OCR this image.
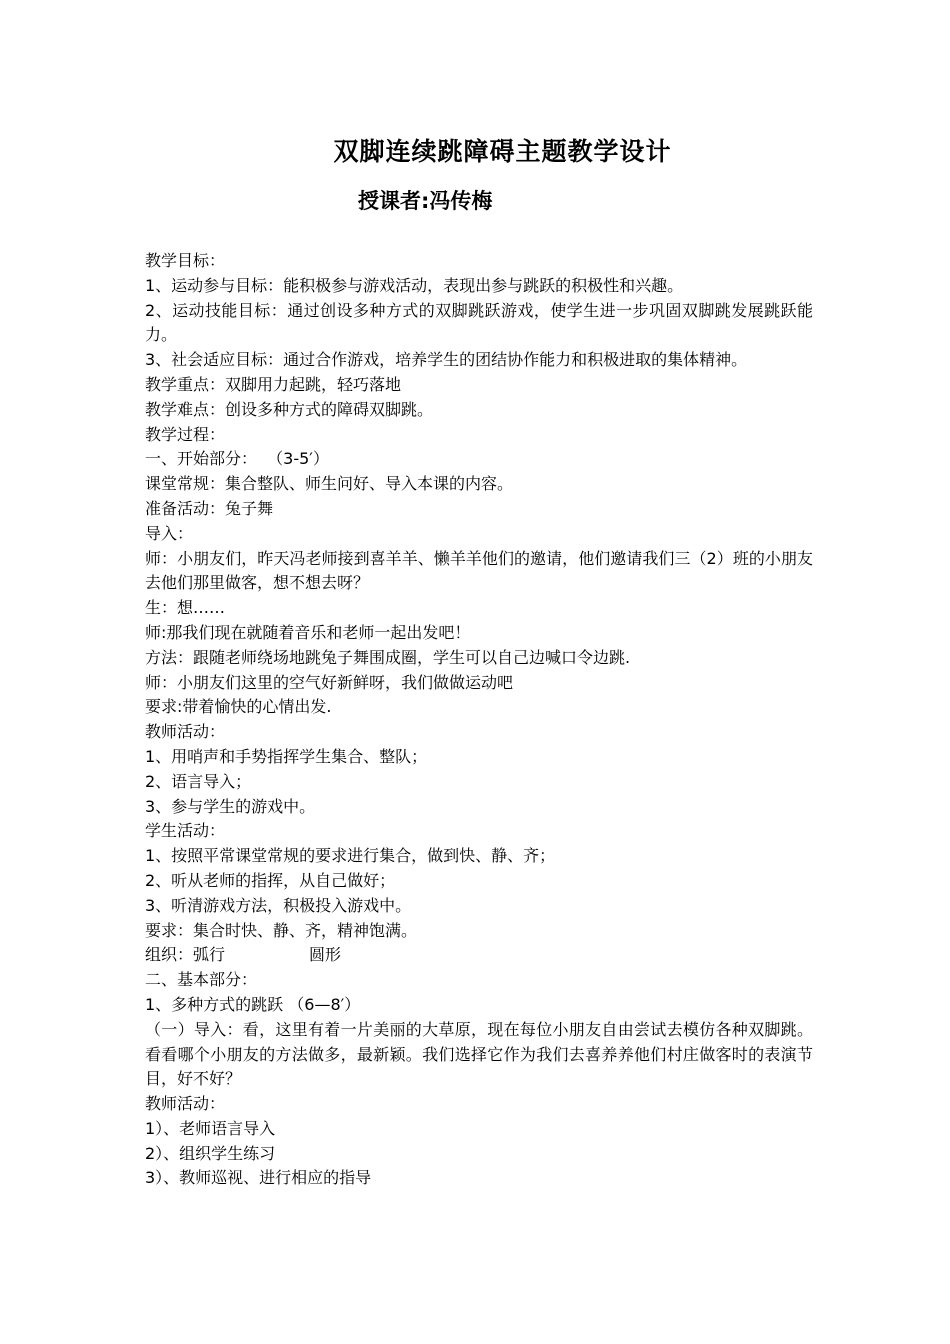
双脚连续跳障碍主题教学设计
授课者:冯传梅
教学目标：
1、运动参与目标：能积极参与游戏活动，表现出参与跳跃的积极性和兴趣。
2、运动技能目标：通过创设多种方式的双脚跳跃游戏，使学生进一步巩固双脚跳发展跳跃能力。
3、社会适应目标：通过合作游戏，培养学生的团结协作能力和积极进取的集体精神。
教学重点：双脚用力起跳，轻巧落地
教学难点：创设多种方式的障碍双脚跳。
教学过程：
一、开始部分：  （3-5′）
课堂常规：集合整队、师生问好、导入本课的内容。
准备活动：兔子舞
导入：
师：小朋友们，昨天冯老师接到喜羊羊、懒羊羊他们的邀请，他们邀请我们三（2）班的小朋友去他们那里做客，想不想去呀？
生：想……
师:那我们现在就随着音乐和老师一起出发吧！
方法：跟随老师绕场地跳兔子舞围成圈，学生可以自己边喊口令边跳.
师：小朋友们这里的空气好新鲜呀，我们做做运动吧
要求:带着愉快的心情出发.
教师活动：
1、用哨声和手势指挥学生集合、整队；
2、语言导入；
3、参与学生的游戏中。
学生活动：
1、按照平常课堂常规的要求进行集合，做到快、静、齐；
2、听从老师的指挥，从自己做好；
3、听清游戏方法，积极投入游戏中。
要求：集合时快、静、齐，精神饱满。
组织：弧行	圆形
二、基本部分：
1、多种方式的跳跃 （6—8′）
（一）导入：看，这里有着一片美丽的大草原，现在每位小朋友自由尝试去模仿各种双脚跳。看看哪个小朋友的方法做多，最新颖。我们选择它作为我们去喜养养他们村庄做客时的表演节目，好不好？
教师活动：
1）、老师语言导入
2）、组织学生练习
3）、教师巡视、进行相应的指导
